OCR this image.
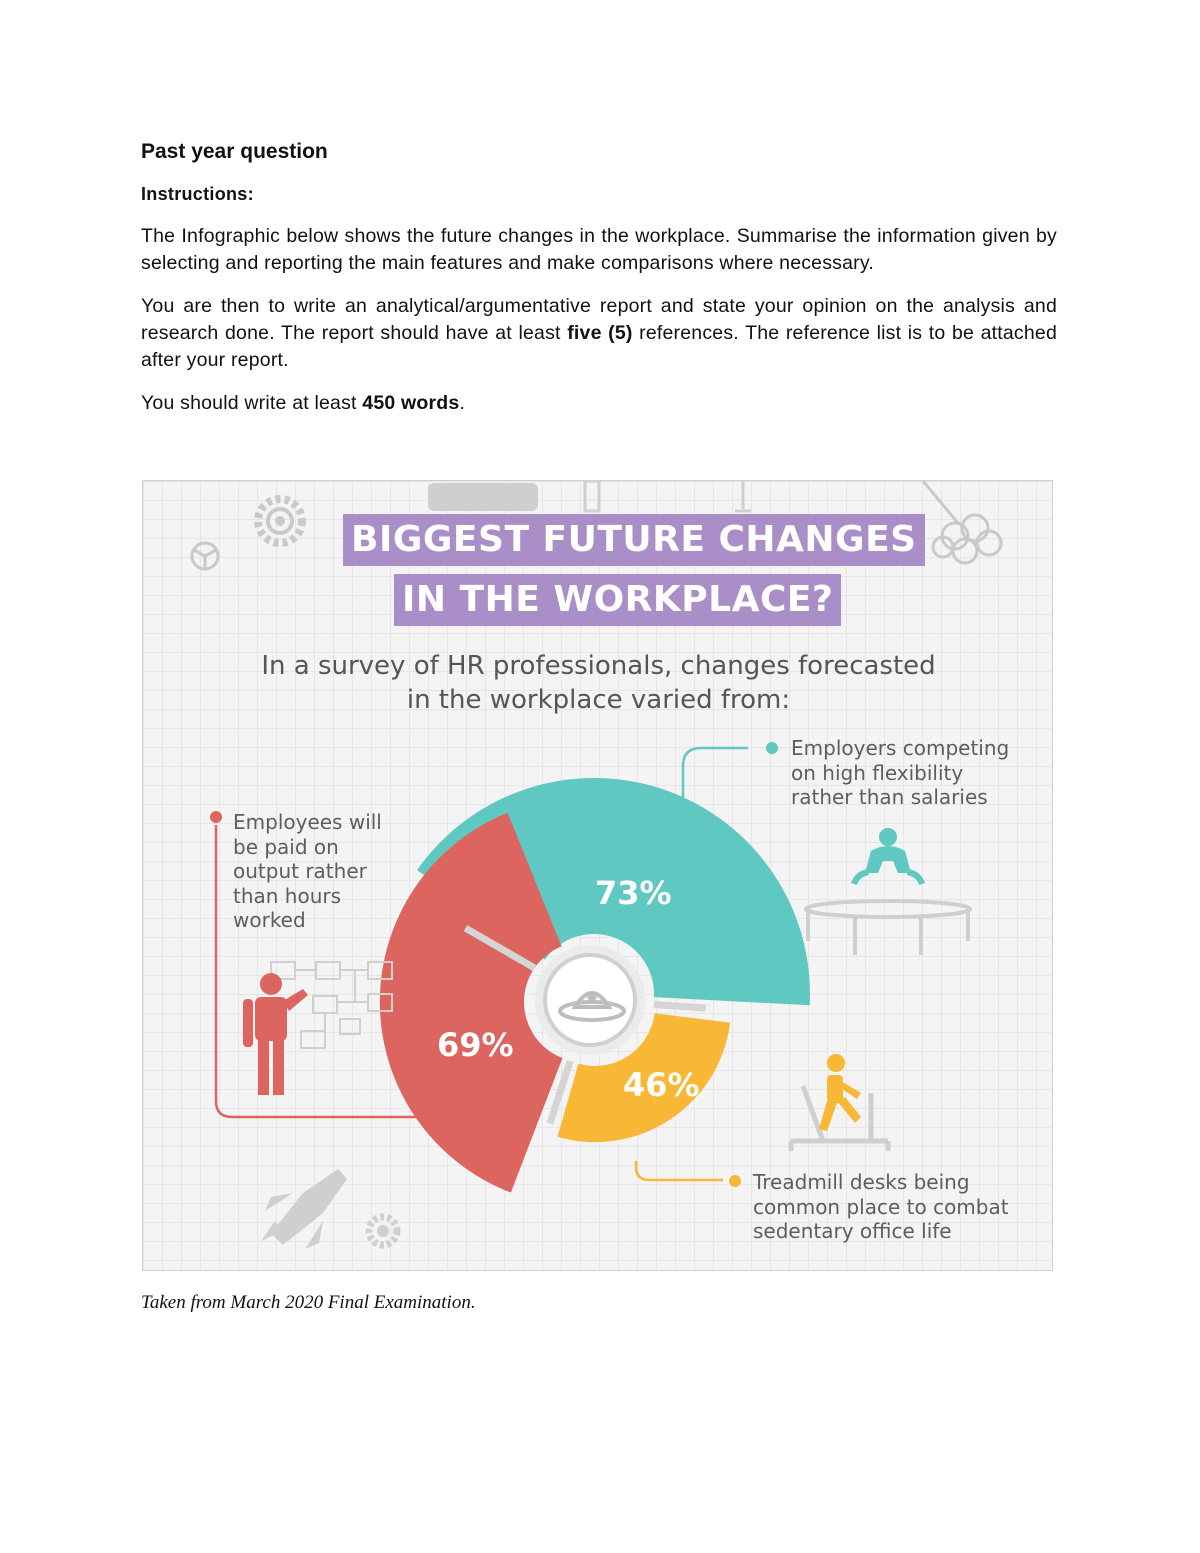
Past year question
Instructions:

The Infographic below shows the future changes in the workplace. Summarise the information given by selecting and reporting the main features and make comparisons where necessary.

You are then to write an analytical/argumentative report and state your opinion on the analysis and research done. The report should have at least five (5) references. The reference list is to be attached after your report.

You should write at least 450 words.

BIGGEST FUTURE CHANGES
IN THE WORKPLACE?
In a survey of HR professionals, changes forecasted
in the workplace varied from:
Employees will
be paid on
output rather
than hours
worked
Employers competing
on high flexibility
rather than salaries
Treadmill desks being
common place to combat
sedentary office life
73%
69%
46%
Taken from March 2020 Final Examination.
